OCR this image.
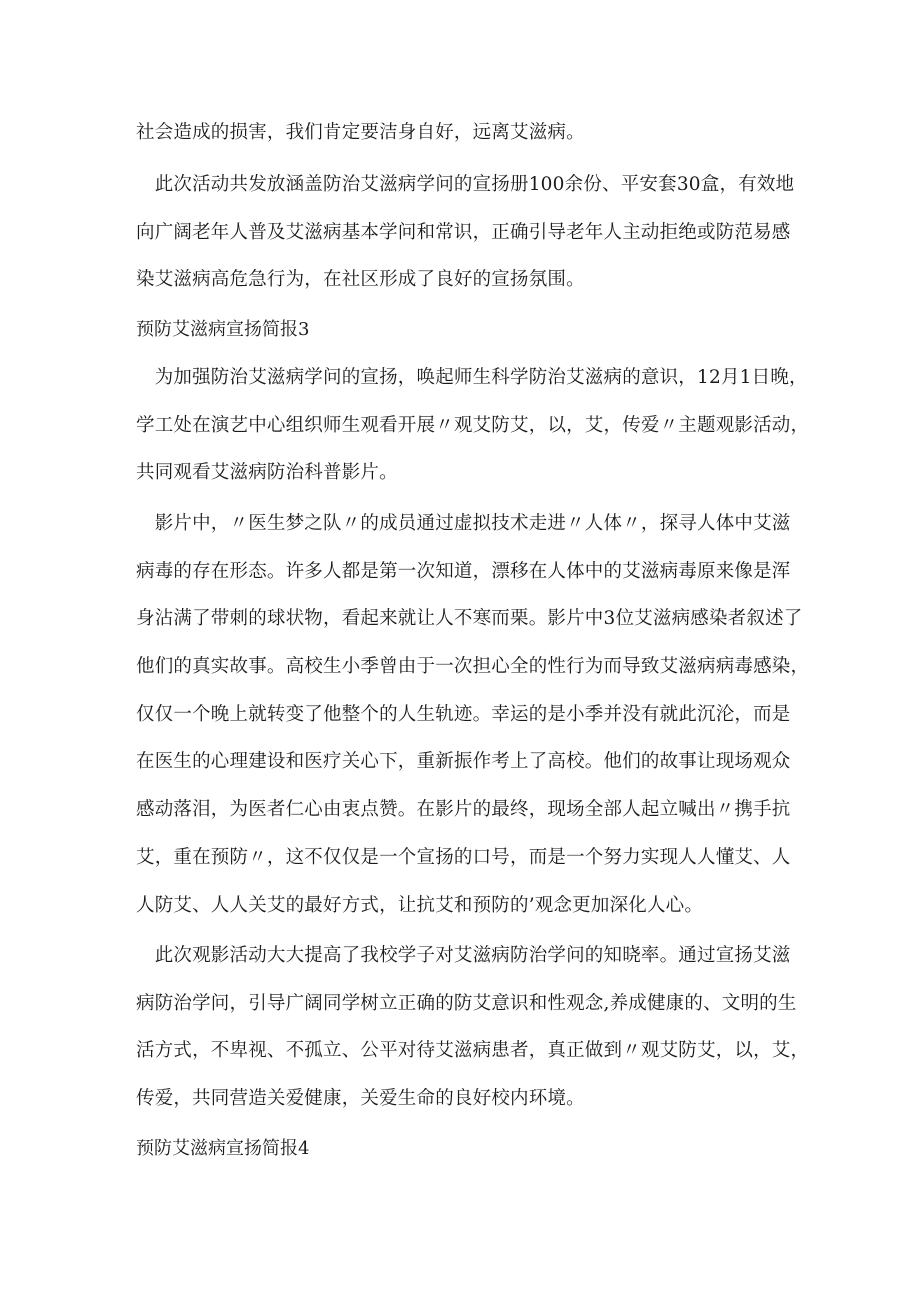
社会造成的损害，我们肯定要洁身自好，远离艾滋病。
　此次活动共发放涵盖防治艾滋病学问的宣扬册100余份、平安套30盒，有效地
向广阔老年人普及艾滋病基本学问和常识，正确引导老年人主动拒绝或防范易感
染艾滋病高危急行为，在社区形成了良好的宣扬氛围。
预防艾滋病宣扬简报3
　为加强防治艾滋病学问的宣扬，唤起师生科学防治艾滋病的意识，12月1日晚，
学工处在演艺中心组织师生观看开展〃观艾防艾，以，艾，传爱〃主题观影活动，
共同观看艾滋病防治科普影片。
　影片中，〃医生梦之队〃的成员通过虚拟技术走进〃人体〃，探寻人体中艾滋
病毒的存在形态。许多人都是第一次知道，漂移在人体中的艾滋病毒原来像是浑
身沾满了带刺的球状物，看起来就让人不寒而栗。影片中3位艾滋病感染者叙述了
他们的真实故事。高校生小季曾由于一次担心全的性行为而导致艾滋病病毒感染，
仅仅一个晚上就转变了他整个的人生轨迹。幸运的是小季并没有就此沉沦，而是
在医生的心理建设和医疗关心下，重新振作考上了高校。他们的故事让现场观众
感动落泪，为医者仁心由衷点赞。在影片的最终，现场全部人起立喊出〃携手抗
艾，重在预防〃，这不仅仅是一个宣扬的口号，而是一个努力实现人人懂艾、人
人防艾、人人关艾的最好方式，让抗艾和预防的’观念更加深化人心。
　此次观影活动大大提高了我校学子对艾滋病防治学问的知晓率。通过宣扬艾滋
病防治学问，引导广阔同学树立正确的防艾意识和性观念,养成健康的、文明的生
活方式，不卑视、不孤立、公平对待艾滋病患者，真正做到〃观艾防艾，以，艾，
传爱，共同营造关爱健康，关爱生命的良好校内环境。
预防艾滋病宣扬简报4
